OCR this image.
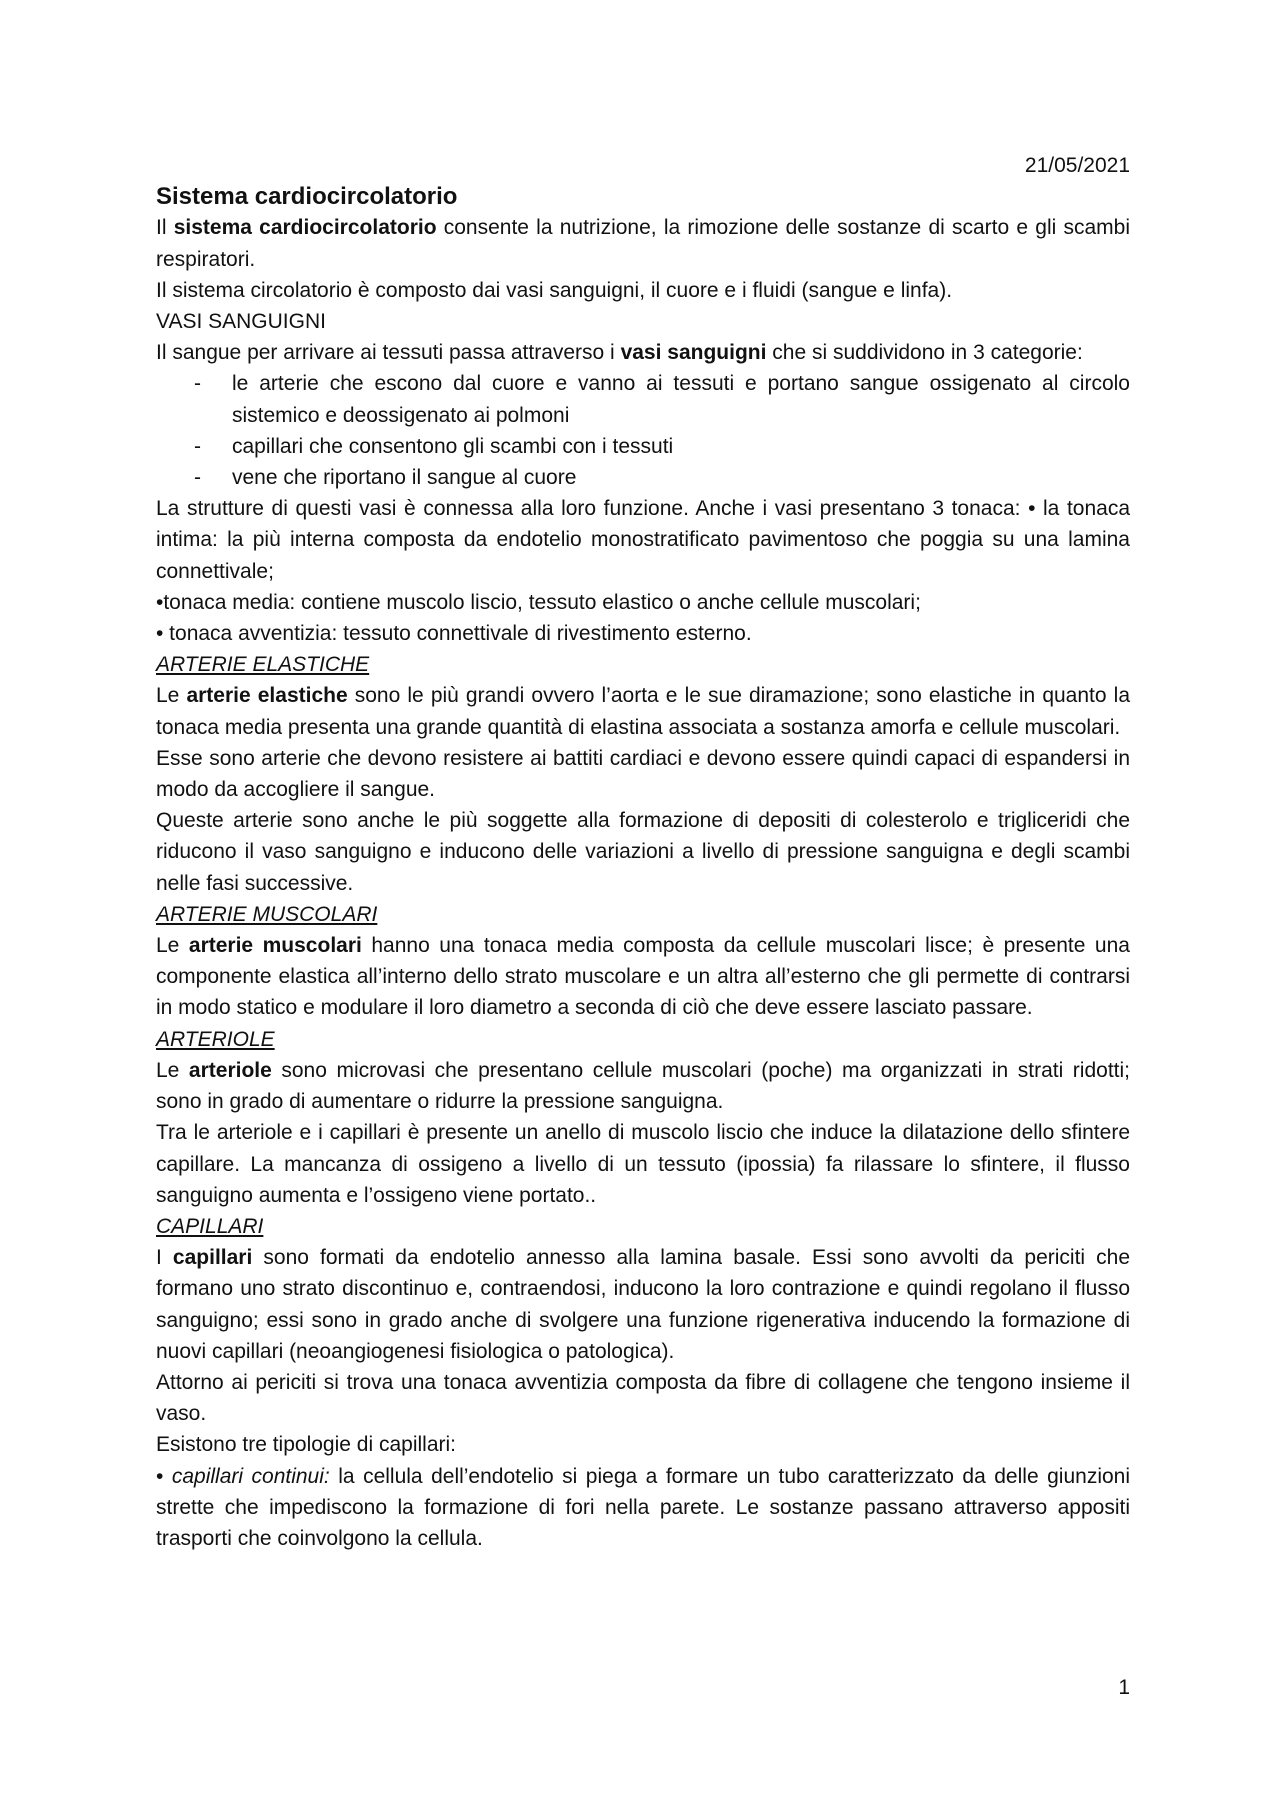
21/05/2021
Sistema cardiocircolatorio

Il sistema cardiocircolatorio consente la nutrizione, la rimozione delle sostanze di scarto e gli scambi respiratori.

Il sistema circolatorio è composto dai vasi sanguigni, il cuore e i fluidi (sangue e linfa).

VASI SANGUIGNI

Il sangue per arrivare ai tessuti passa attraverso i vasi sanguigni che si suddividono in 3 categorie:

- le arterie che escono dal cuore e vanno ai tessuti e portano sangue ossigenato al circolo sistemico e deossigenato ai polmoni
- capillari che consentono gli scambi con i tessuti
- vene che riportano il sangue al cuore

La strutture di questi vasi è connessa alla loro funzione. Anche i vasi presentano 3 tonaca: • la tonaca intima: la più interna composta da endotelio monostratificato pavimentoso che poggia su una lamina connettivale;

•tonaca media: contiene muscolo liscio, tessuto elastico o anche cellule muscolari;

• tonaca avventizia: tessuto connettivale di rivestimento esterno.

ARTERIE ELASTICHE

Le arterie elastiche sono le più grandi ovvero l’aorta e le sue diramazione; sono elastiche in quanto la tonaca media presenta una grande quantità di elastina associata a sostanza amorfa e cellule muscolari.

Esse sono arterie che devono resistere ai battiti cardiaci e devono essere quindi capaci di espandersi in modo da accogliere il sangue.

Queste arterie sono anche le più soggette alla formazione di depositi di colesterolo e trigliceridi che riducono il vaso sanguigno e inducono delle variazioni a livello di pressione sanguigna e degli scambi nelle fasi successive.

ARTERIE MUSCOLARI

Le arterie muscolari hanno una tonaca media composta da cellule muscolari lisce; è presente una componente elastica all’interno dello strato muscolare e un altra all’esterno che gli permette di contrarsi in modo statico e modulare il loro diametro a seconda di ciò che deve essere lasciato passare.

ARTERIOLE

Le arteriole sono microvasi che presentano cellule muscolari (poche) ma organizzati in strati ridotti; sono in grado di aumentare o ridurre la pressione sanguigna.

Tra le arteriole e i capillari è presente un anello di muscolo liscio che induce la dilatazione dello sfintere capillare. La mancanza di ossigeno a livello di un tessuto (ipossia) fa rilassare lo sfintere, il flusso sanguigno aumenta e l’ossigeno viene portato..

CAPILLARI

I capillari sono formati da endotelio annesso alla lamina basale. Essi sono avvolti da periciti che formano uno strato discontinuo e, contraendosi, inducono la loro contrazione e quindi regolano il flusso sanguigno; essi sono in grado anche di svolgere una funzione rigenerativa inducendo la formazione di nuovi capillari (neoangiogenesi fisiologica o patologica).

Attorno ai periciti si trova una tonaca avventizia composta da fibre di collagene che tengono insieme il vaso.

Esistono tre tipologie di capillari:

• capillari continui: la cellula dell’endotelio si piega a formare un tubo caratterizzato da delle giunzioni strette che impediscono la formazione di fori nella parete. Le sostanze passano attraverso appositi trasporti che coinvolgono la cellula.

1
